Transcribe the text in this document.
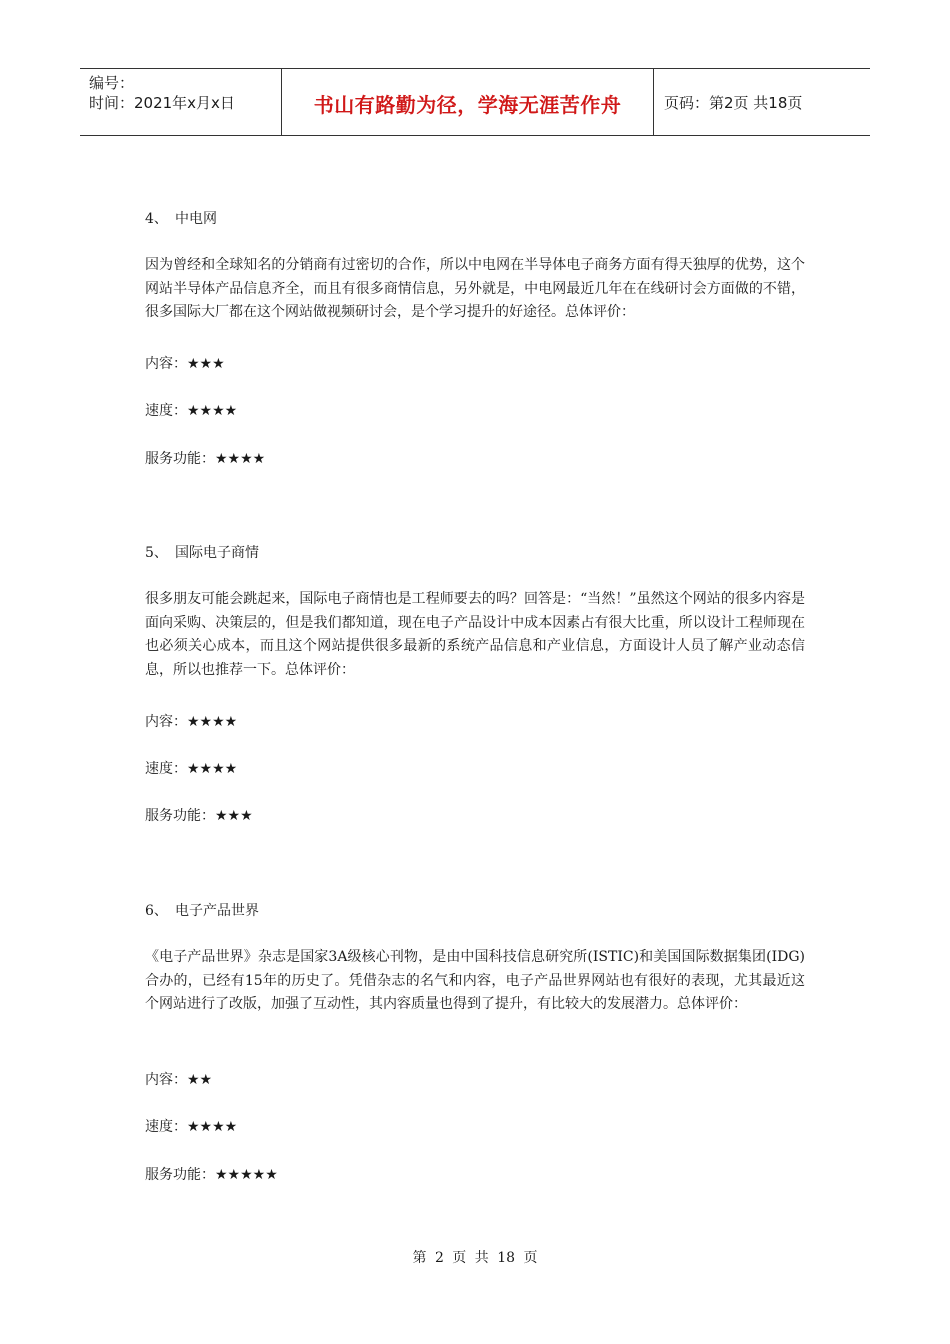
编号：
时间：2021年x月x日	书山有路勤为径，学海无涯苦作舟	页码：第2页 共18页
4、 中电网
因为曾经和全球知名的分销商有过密切的合作，所以中电网在半导体电子商务方面有得天独厚的优势，这个网站半导体产品信息齐全，而且有很多商情信息，另外就是，中电网最近几年在在线研讨会方面做的不错，很多国际大厂都在这个网站做视频研讨会，是个学习提升的好途径。总体评价：
内容：★★★
速度：★★★★
服务功能：★★★★
5、 国际电子商情
很多朋友可能会跳起来，国际电子商情也是工程师要去的吗？回答是：“当然！”虽然这个网站的很多内容是面向采购、决策层的，但是我们都知道，现在电子产品设计中成本因素占有很大比重，所以设计工程师现在也必须关心成本，而且这个网站提供很多最新的系统产品信息和产业信息，方面设计人员了解产业动态信息，所以也推荐一下。总体评价：
内容：★★★★
速度：★★★★
服务功能：★★★
6、 电子产品世界
《电子产品世界》杂志是国家3A级核心刊物，是由中国科技信息研究所(ISTIC)和美国国际数据集团(IDG)合办的，已经有15年的历史了。凭借杂志的名气和内容，电子产品世界网站也有很好的表现，尤其最近这个网站进行了改版，加强了互动性，其内容质量也得到了提升，有比较大的发展潜力。总体评价：
内容：★★
速度：★★★★
服务功能：★★★★★
第 2 页 共 18 页
